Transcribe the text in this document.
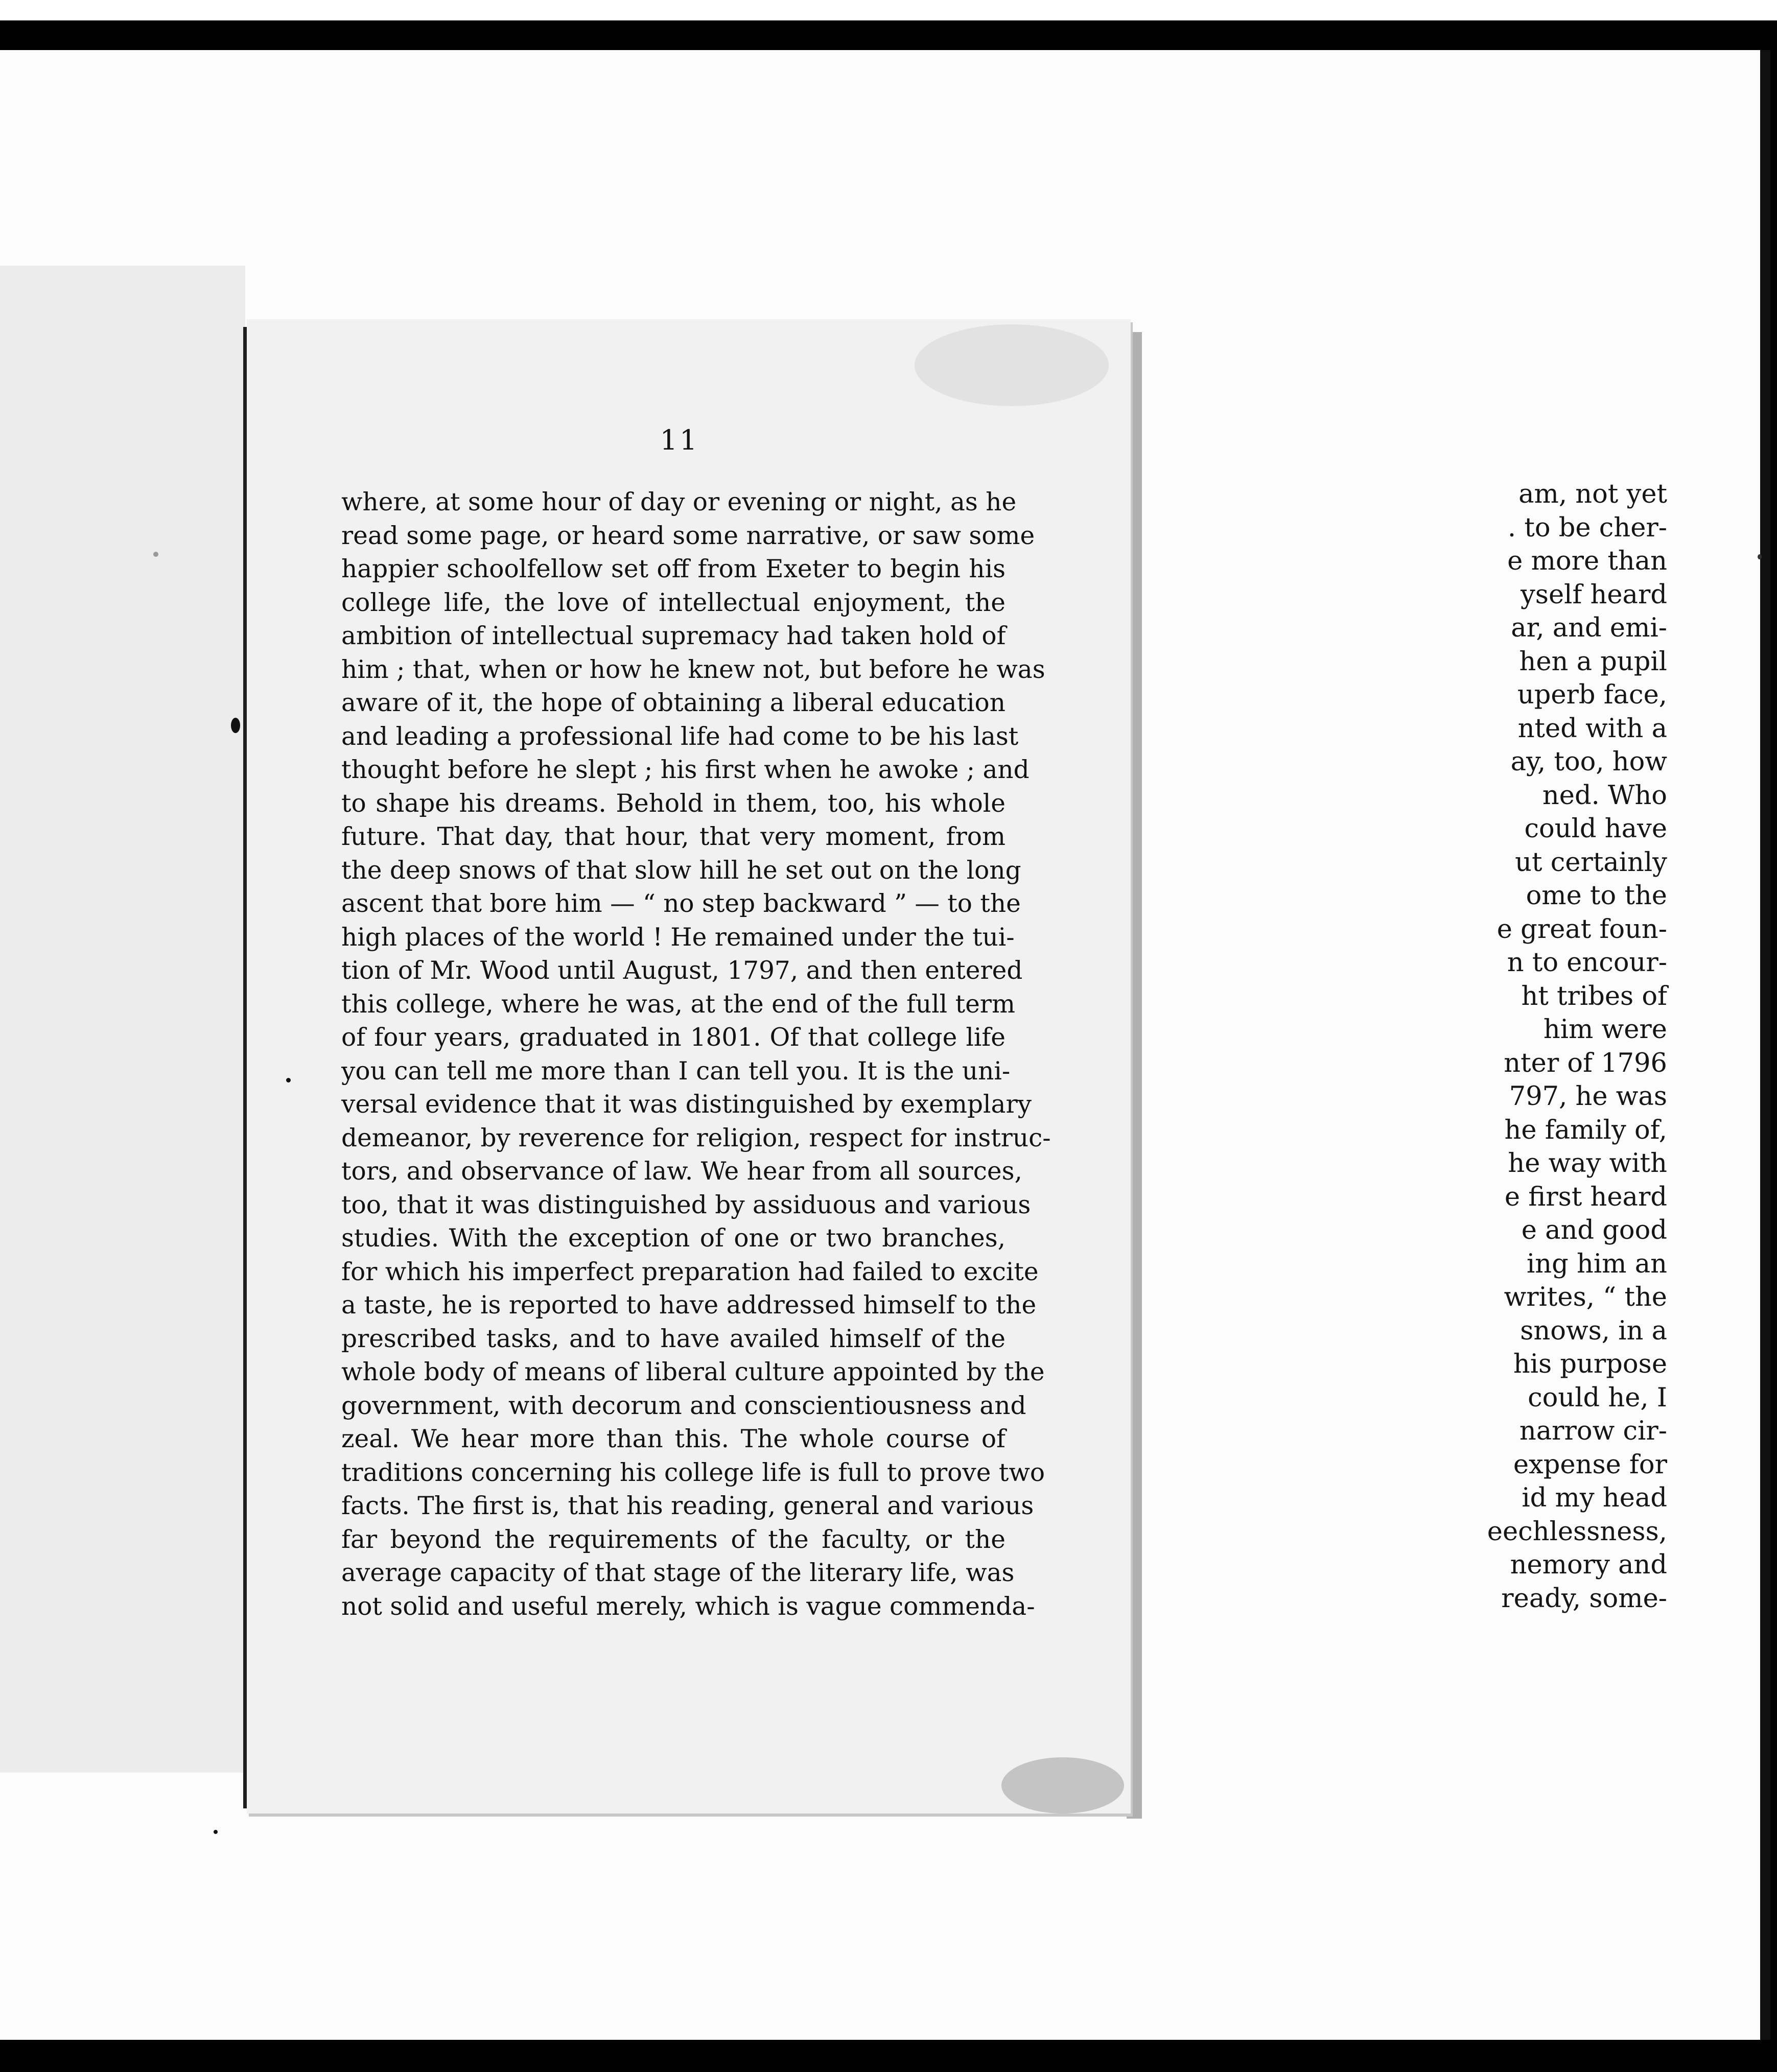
am, not yet
. to be cher-
e more than
yself heard
ar, and emi-
hen a pupil
uperb face,
nted with a
ay, too, how
ned. Who
could have
ut certainly
ome to the
e great foun-
n to encour-
ht tribes of
him were
nter of 1796
797, he was
he family of,
he way with
e first heard
e and good
ing him an
writes, “ the
snows, in a
his purpose
could he, I
narrow cir-
expense for
id my head
eechlessness,
nemory and
ready, some-
11
where, at some hour of day or evening or night, as he
read some page, or heard some narrative, or saw some
happier schoolfellow set off from Exeter to begin his
college life, the love of intellectual enjoyment, the
ambition of intellectual supremacy had taken hold of
him ; that, when or how he knew not, but before he was
aware of it, the hope of obtaining a liberal education
and leading a professional life had come to be his last
thought before he slept ; his first when he awoke ; and
to shape his dreams. Behold in them, too, his whole
future. That day, that hour, that very moment, from
the deep snows of that slow hill he set out on the long
ascent that bore him — “ no step backward ” — to the
high places of the world ! He remained under the tui-
tion of Mr. Wood until August, 1797, and then entered
this college, where he was, at the end of the full term
of four years, graduated in 1801. Of that college life
you can tell me more than I can tell you. It is the uni-
versal evidence that it was distinguished by exemplary
demeanor, by reverence for religion, respect for instruc-
tors, and observance of law. We hear from all sources,
too, that it was distinguished by assiduous and various
studies. With the exception of one or two branches,
for which his imperfect preparation had failed to excite
a taste, he is reported to have addressed himself to the
prescribed tasks, and to have availed himself of the
whole body of means of liberal culture appointed by the
government, with decorum and conscientiousness and
zeal. We hear more than this. The whole course of
traditions concerning his college life is full to prove two
facts. The first is, that his reading, general and various
far beyond the requirements of the faculty, or the
average capacity of that stage of the literary life, was
not solid and useful merely, which is vague commenda-
